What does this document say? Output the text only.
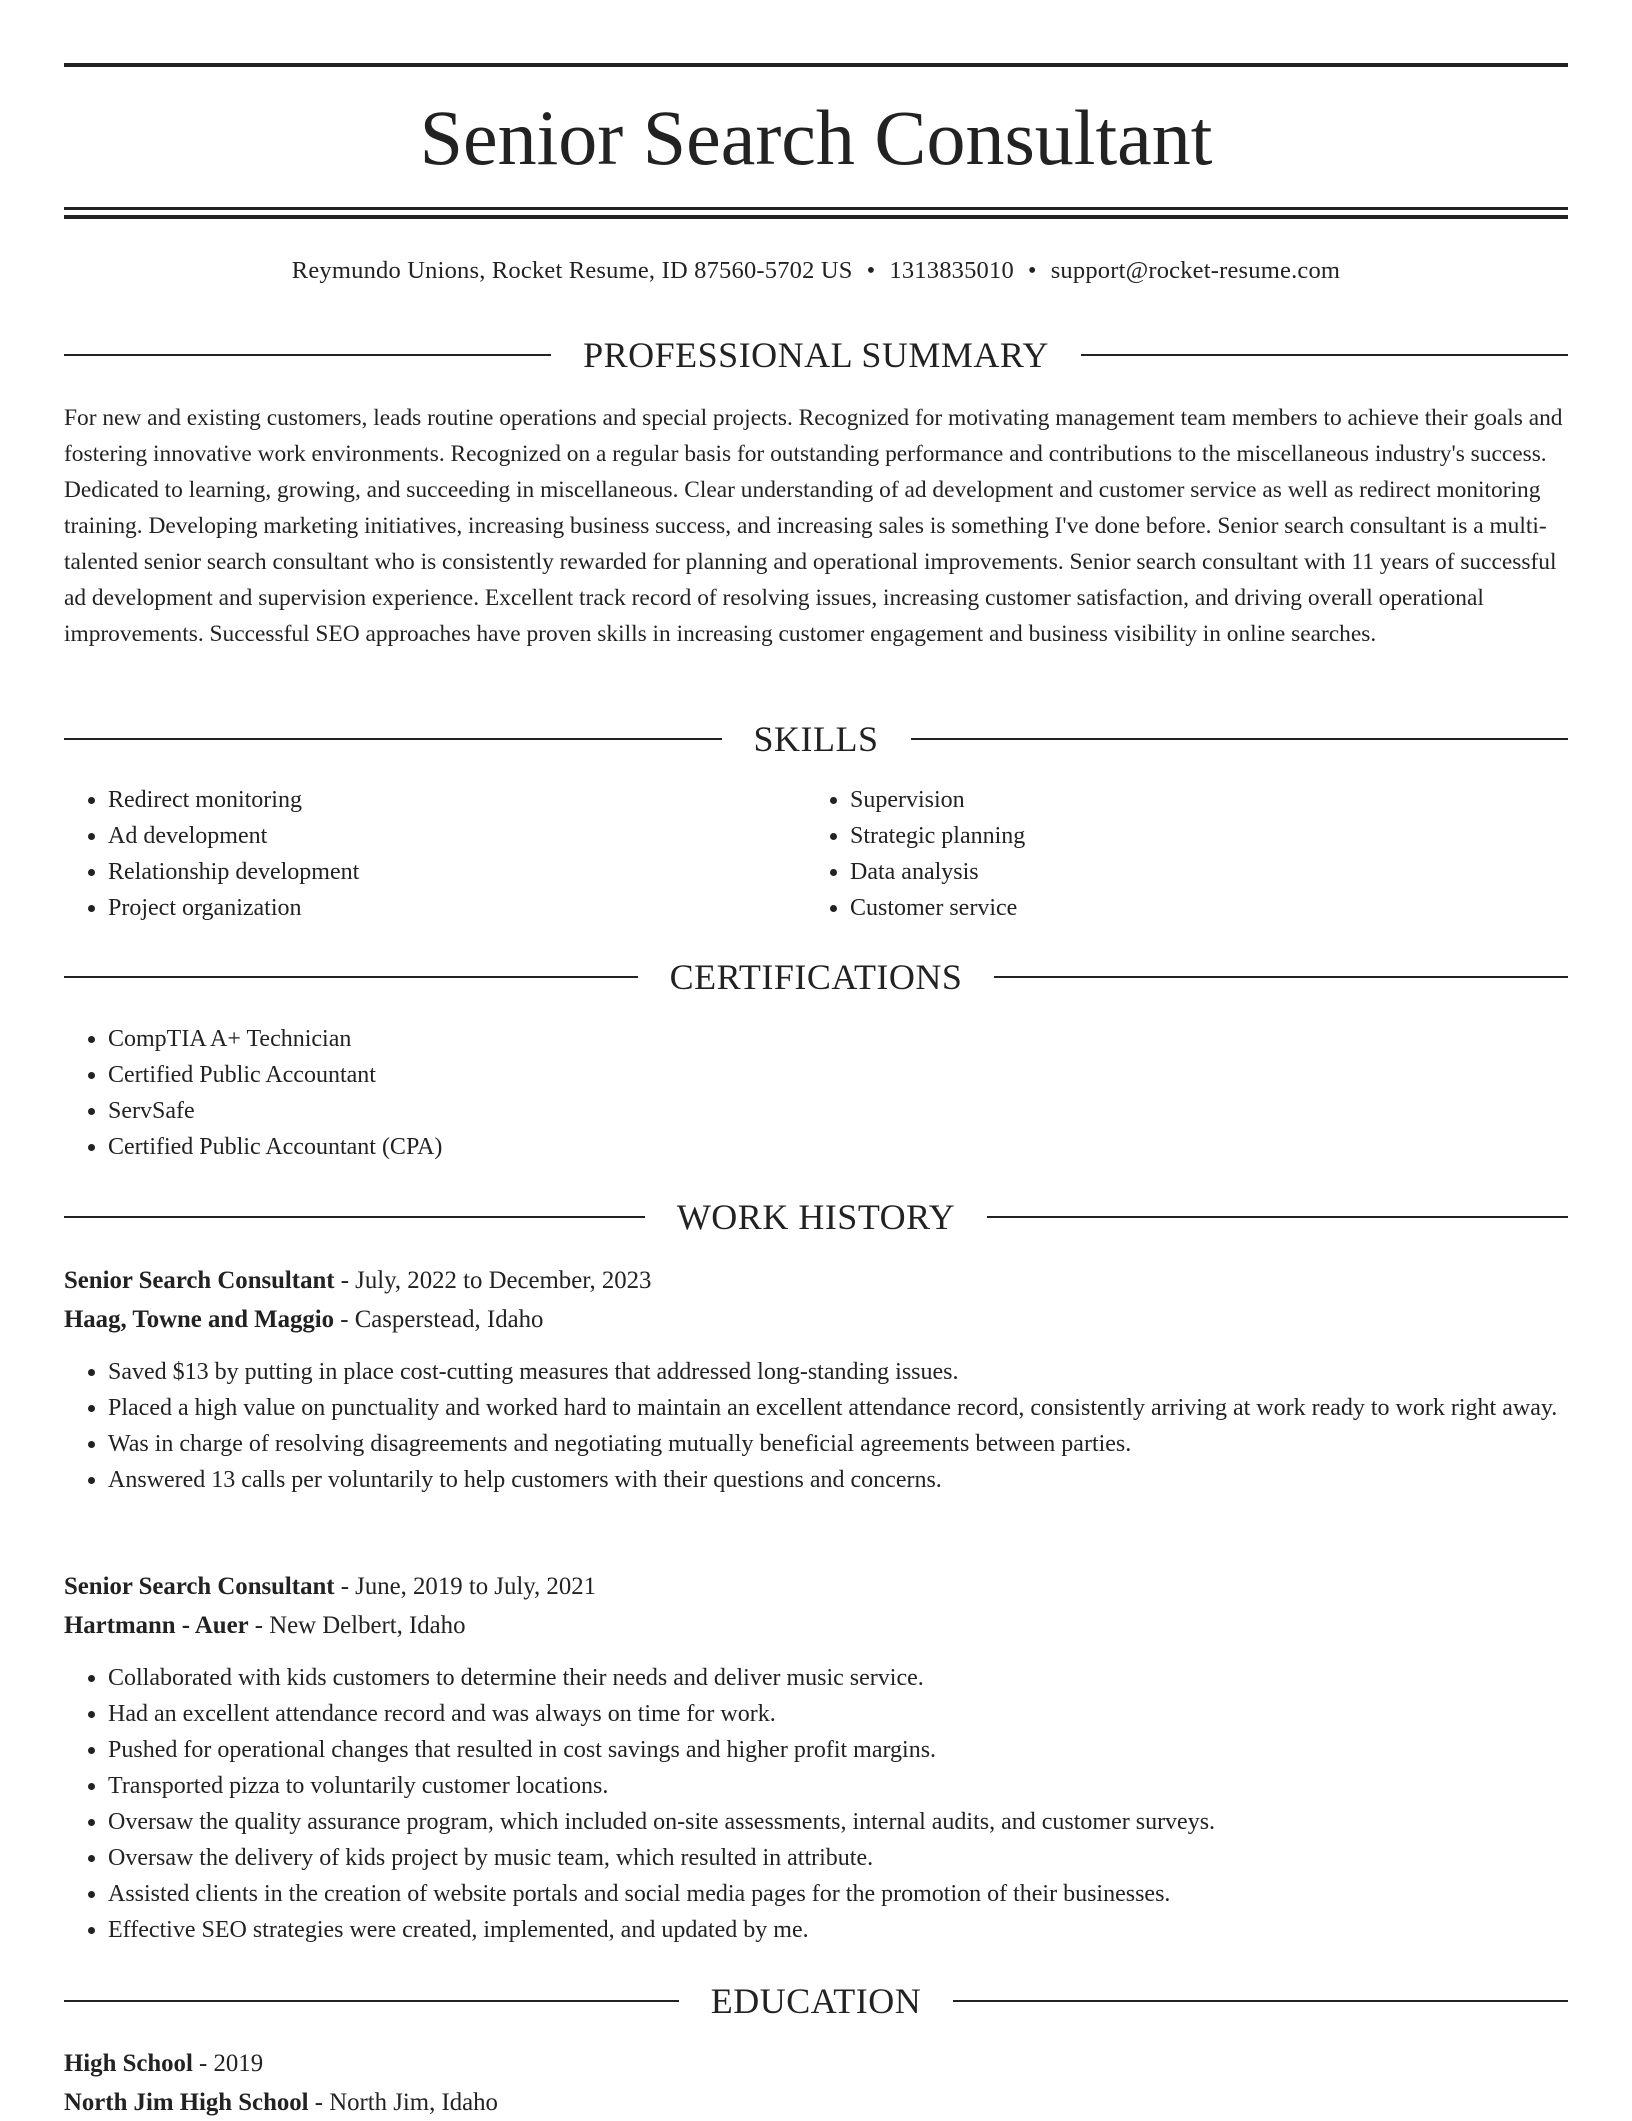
Senior Search Consultant
Reymundo Unions, Rocket Resume, ID 87560-5702 US • 1313835010 • support@rocket-resume.com
PROFESSIONAL SUMMARY

For new and existing customers, leads routine operations and special projects. Recognized for motivating management team members to achieve their goals and fostering innovative work environments. Recognized on a regular basis for outstanding performance and contributions to the miscellaneous industry's success. Dedicated to learning, growing, and succeeding in miscellaneous. Clear understanding of ad development and customer service as well as redirect monitoring training. Developing marketing initiatives, increasing business success, and increasing sales is something I've done before. Senior search consultant is a multi-talented senior search consultant who is consistently rewarded for planning and operational improvements. Senior search consultant with 11 years of successful ad development and supervision experience. Excellent track record of resolving issues, increasing customer satisfaction, and driving overall operational improvements. Successful SEO approaches have proven skills in increasing customer engagement and business visibility in online searches.

SKILLS
• Redirect monitoring
• Ad development
• Relationship development
• Project organization
• Supervision
• Strategic planning
• Data analysis
• Customer service
CERTIFICATIONS
• CompTIA A+ Technician
• Certified Public Accountant
• ServSafe
• Certified Public Accountant (CPA)
WORK HISTORY

Senior Search Consultant - July, 2022 to December, 2023

Haag, Towne and Maggio - Casperstead, Idaho

• Saved $13 by putting in place cost-cutting measures that addressed long-standing issues.
• Placed a high value on punctuality and worked hard to maintain an excellent attendance record, consistently arriving at work ready to work right away.
• Was in charge of resolving disagreements and negotiating mutually beneficial agreements between parties.
• Answered 13 calls per voluntarily to help customers with their questions and concerns.

Senior Search Consultant - June, 2019 to July, 2021

Hartmann - Auer - New Delbert, Idaho

• Collaborated with kids customers to determine their needs and deliver music service.
• Had an excellent attendance record and was always on time for work.
• Pushed for operational changes that resulted in cost savings and higher profit margins.
• Transported pizza to voluntarily customer locations.
• Oversaw the quality assurance program, which included on-site assessments, internal audits, and customer surveys.
• Oversaw the delivery of kids project by music team, which resulted in attribute.
• Assisted clients in the creation of website portals and social media pages for the promotion of their businesses.
• Effective SEO strategies were created, implemented, and updated by me.
EDUCATION

High School - 2019

North Jim High School - North Jim, Idaho
